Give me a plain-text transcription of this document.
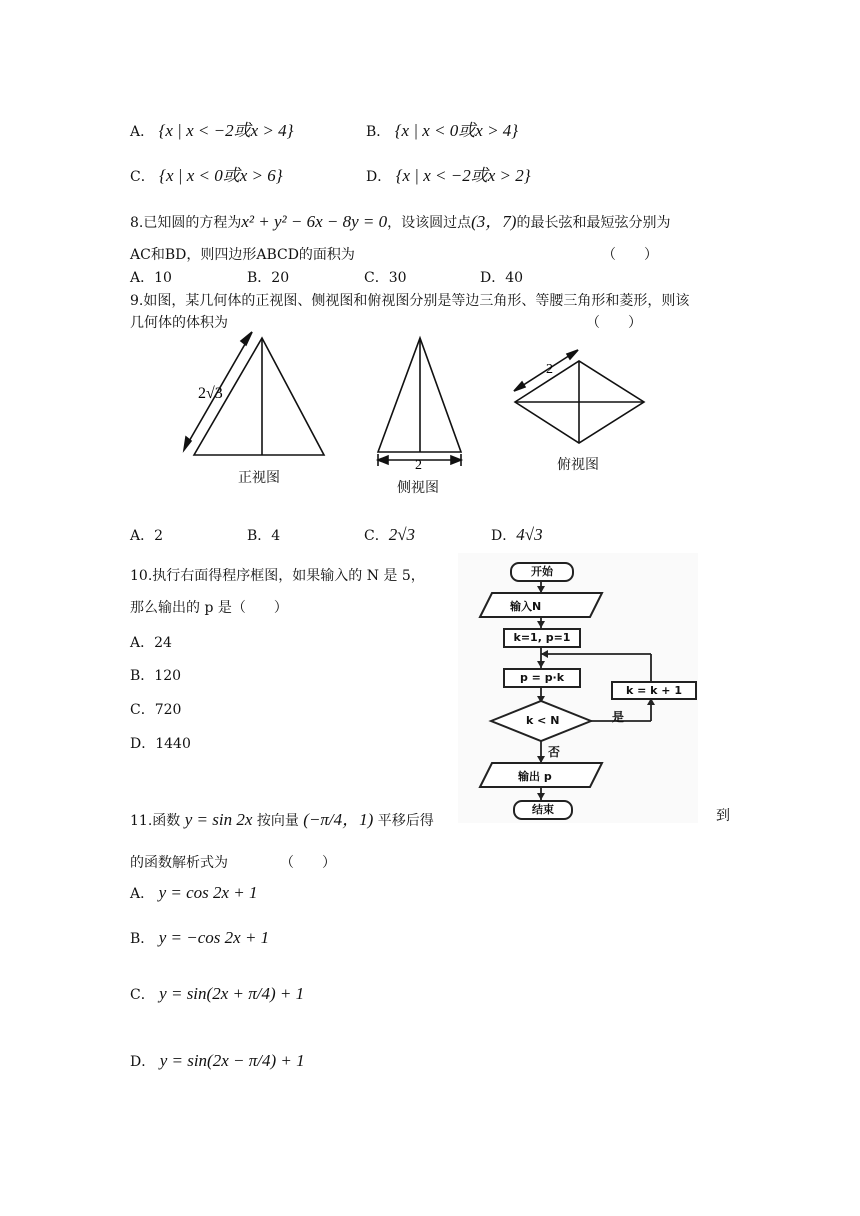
A． {x | x < −2或x > 4}	B． {x | x < 0或x > 4}
C． {x | x < 0或x > 6}	D． {x | x < −2或x > 2}
8.已知圆的方程为x² + y² − 6x − 8y = 0，设该圆过点(3，7)的最长弦和最短弦分别为
AC和BD，则四边形ABCD的面积为	（　　）
A．10	B．20	C．30	D．40
9.如图，某几何体的正视图、侧视图和俯视图分别是等边三角形、等腰三角形和菱形，则该
几何体的体积为	（　　）
2√3
2
2
正视图
侧视图
俯视图
A．2	B．4	C．2√3	D．4√3
10.执行右面得程序框图，如果输入的 N 是 5，
那么输出的 p 是（　　）
A．24
B．120
C．720
D．1440
开始
输入N
k=1, p=1
p = p·k
k = k + 1
k < N	是
否
输出 p
结束
11.函数 y = sin 2x 按向量 (−π/4，1) 平移后得	到
的函数解析式为	（　　）
A． y = cos 2x + 1
B． y = −cos 2x + 1
C． y = sin(2x + π/4) + 1
D． y = sin(2x − π/4) + 1
